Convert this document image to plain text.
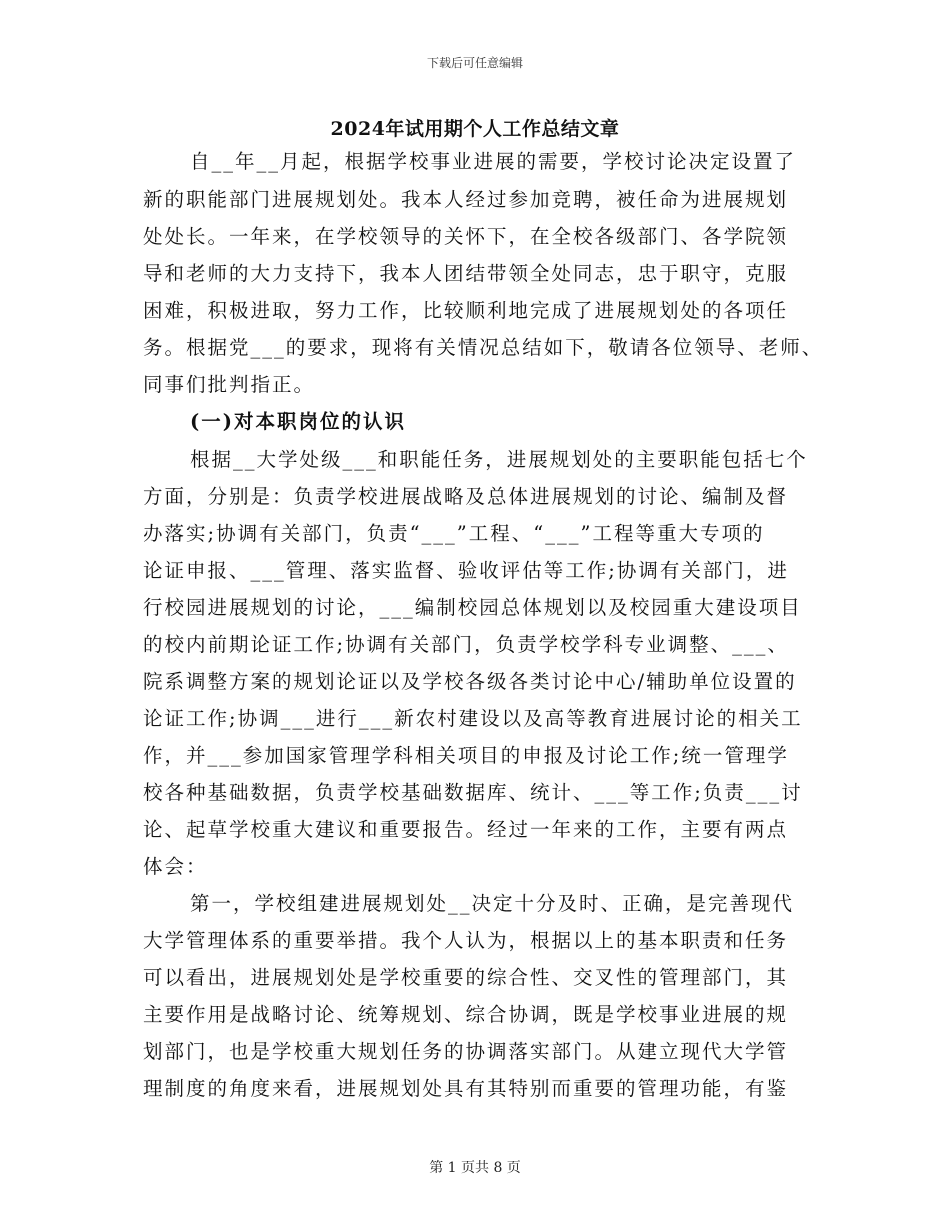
下载后可任意编辑
2024年试用期个人工作总结文章
自__年__月起，根据学校事业进展的需要，学校讨论决定设置了
新的职能部门进展规划处。我本人经过参加竞聘，被任命为进展规划
处处长。一年来，在学校领导的关怀下，在全校各级部门、各学院领
导和老师的大力支持下，我本人团结带领全处同志，忠于职守，克服
困难，积极进取，努力工作，比较顺利地完成了进展规划处的各项任
务。根据党___的要求，现将有关情况总结如下，敬请各位领导、老师、
同事们批判指正。
(一)对本职岗位的认识
根据__大学处级___和职能任务，进展规划处的主要职能包括七个
方面，分别是：负责学校进展战略及总体进展规划的讨论、编制及督
办落实;协调有关部门，负责“___”工程、“___”工程等重大专项的
论证申报、___管理、落实监督、验收评估等工作;协调有关部门，进
行校园进展规划的讨论，___编制校园总体规划以及校园重大建设项目
的校内前期论证工作;协调有关部门，负责学校学科专业调整、___、
院系调整方案的规划论证以及学校各级各类讨论中心/辅助单位设置的
论证工作;协调___进行___新农村建设以及高等教育进展讨论的相关工
作，并___参加国家管理学科相关项目的申报及讨论工作;统一管理学
校各种基础数据，负责学校基础数据库、统计、___等工作;负责___讨
论、起草学校重大建议和重要报告。经过一年来的工作，主要有两点
体会：
第一，学校组建进展规划处__决定十分及时、正确，是完善现代
大学管理体系的重要举措。我个人认为，根据以上的基本职责和任务
可以看出，进展规划处是学校重要的综合性、交叉性的管理部门，其
主要作用是战略讨论、统筹规划、综合协调，既是学校事业进展的规
划部门，也是学校重大规划任务的协调落实部门。从建立现代大学管
理制度的角度来看，进展规划处具有其特别而重要的管理功能，有鉴
第 1 页共 8 页
